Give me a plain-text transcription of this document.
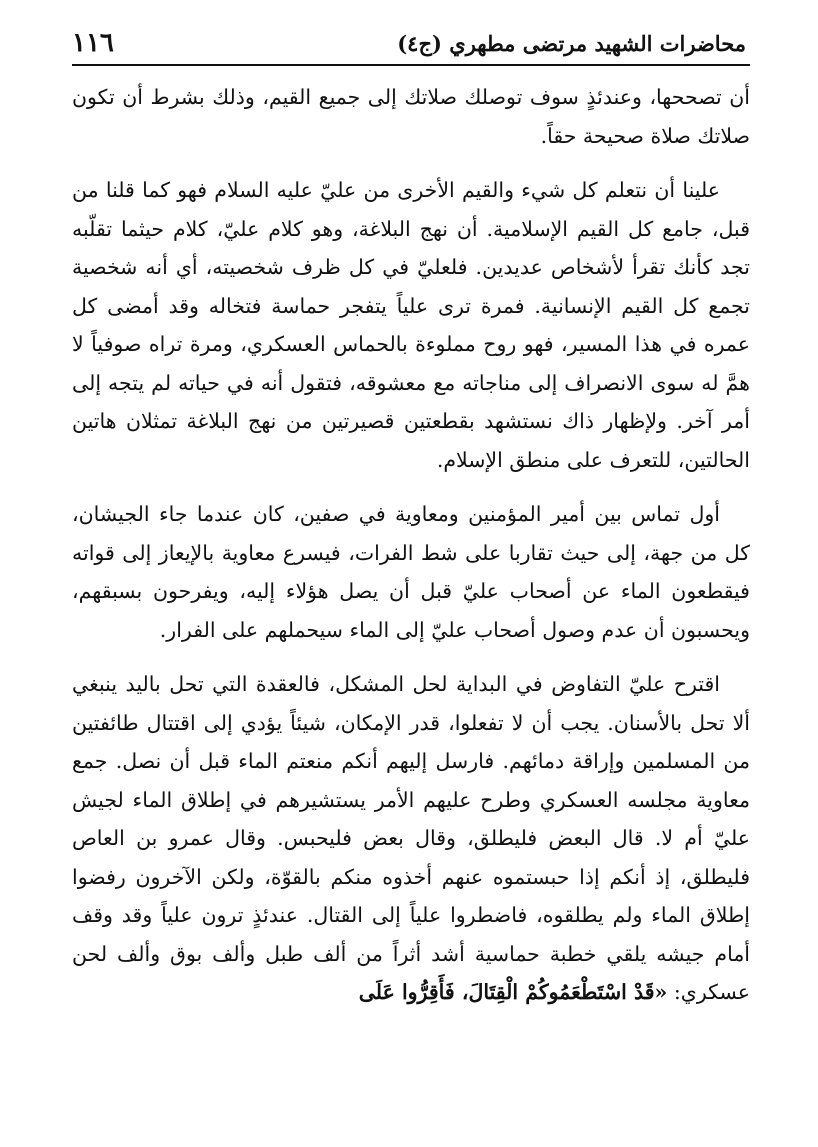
محاضرات الشهيد مرتضى مطهري (ج٤)
١١٦

أن تصححها، وعندئذٍ سوف توصلك صلاتك إلى جميع القيم، وذلك بشرط أن تكون صلاتك صلاة صحيحة حقاً.

علينا أن نتعلم كل شيء والقيم الأخرى من عليّ عليه السلام فهو كما قلنا من قبل، جامع كل القيم الإسلامية. أن نهج البلاغة، وهو كلام عليّ، كلام حيثما تقلّبه تجد كأنك تقرأ لأشخاص عديدين. فلعليّ في كل ظرف شخصيته، أي أنه شخصية تجمع كل القيم الإنسانية. فمرة ترى علياً يتفجر حماسة فتخاله وقد أمضى كل عمره في هذا المسير، فهو روح مملوءة بالحماس العسكري، ومرة تراه صوفياً لا همَّ له سوى الانصراف إلى مناجاته مع معشوقه، فتقول أنه في حياته لم يتجه إلى أمر آخر. ولإظهار ذاك نستشهد بقطعتين قصيرتين من نهج البلاغة تمثلان هاتين الحالتين، للتعرف على منطق الإسلام.

أول تماس بين أمير المؤمنين ومعاوية في صفين، كان عندما جاء الجيشان، كل من جهة، إلى حيث تقاربا على شط الفرات، فيسرع معاوية بالإيعاز إلى قواته فيقطعون الماء عن أصحاب عليّ قبل أن يصل هؤلاء إليه، ويفرحون بسبقهم، ويحسبون أن عدم وصول أصحاب عليّ إلى الماء سيحملهم على الفرار.

اقترح عليّ التفاوض في البداية لحل المشكل، فالعقدة التي تحل باليد ينبغي ألا تحل بالأسنان. يجب أن لا تفعلوا، قدر الإمكان، شيئاً يؤدي إلى اقتتال طائفتين من المسلمين وإراقة دمائهم. فارسل إليهم أنكم منعتم الماء قبل أن نصل. جمع معاوية مجلسه العسكري وطرح عليهم الأمر يستشيرهم في إطلاق الماء لجيش عليّ أم لا. قال البعض فليطلق، وقال بعض فليحبس. وقال عمرو بن العاص فليطلق، إذ أنكم إذا حبستموه عنهم أخذوه منكم بالقوّة، ولكن الآخرون رفضوا إطلاق الماء ولم يطلقوه، فاضطروا علياً إلى القتال. عندئذٍ ترون علياً وقد وقف أمام جيشه يلقي خطبة حماسية أشد أثراً من ألف طبل وألف بوق وألف لحن عسكري: «قَدْ اسْتَطْعَمُوكُمْ الْقِتَالَ، فَأَقِرُّوا عَلَى
